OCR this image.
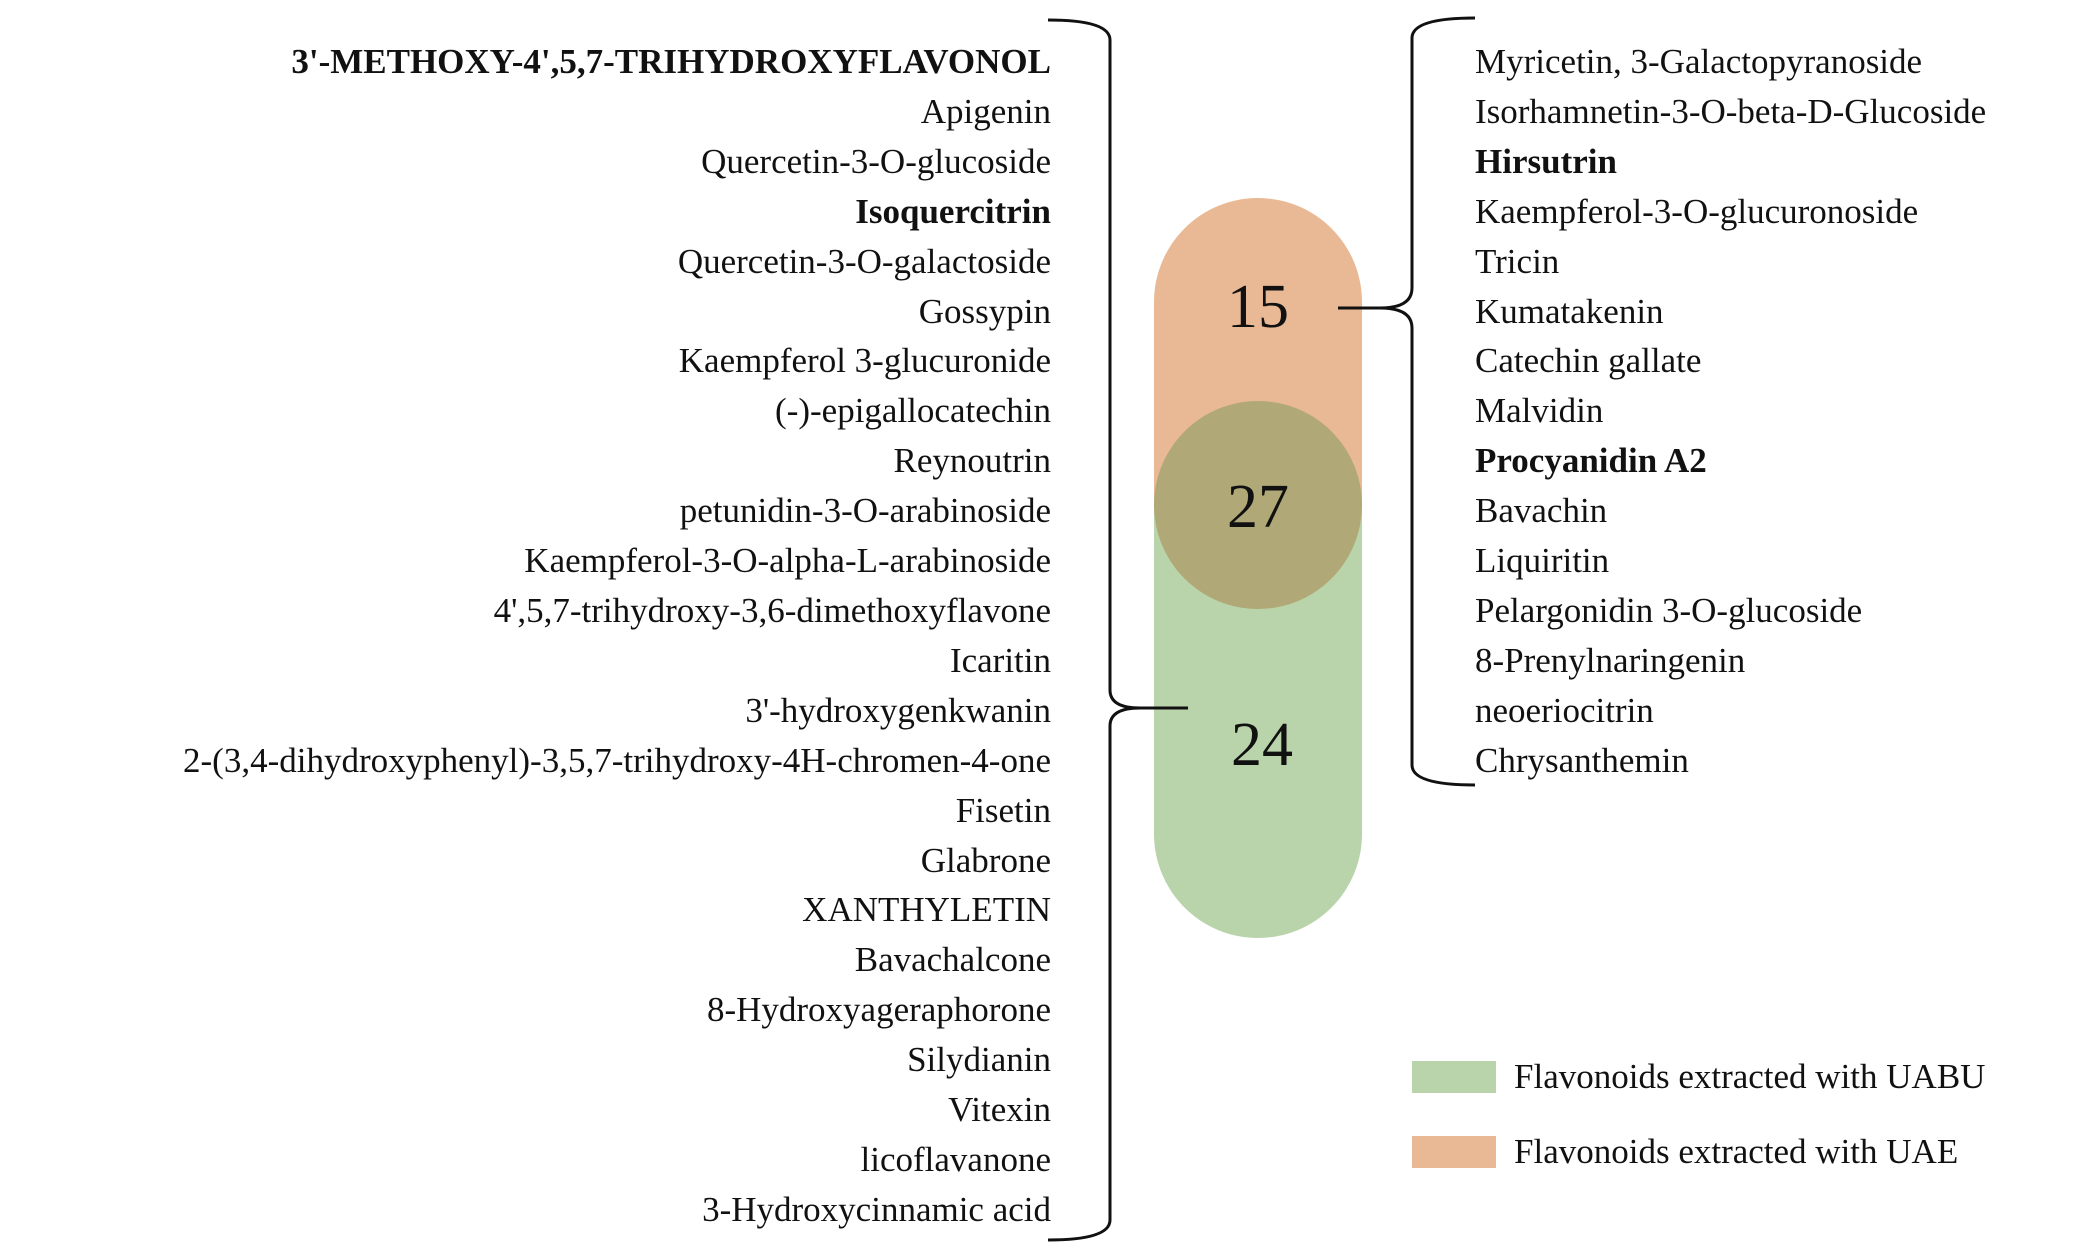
15
27
24
Flavonoids extracted with UABU
Flavonoids extracted with UAE
3'-METHOXY-4',5,7-TRIHYDROXYFLAVONOL
Apigenin
Quercetin-3-O-glucoside
Isoquercitrin
Quercetin-3-O-galactoside
Gossypin
Kaempferol 3-glucuronide
(-)-epigallocatechin
Reynoutrin
petunidin-3-O-arabinoside
Kaempferol-3-O-alpha-L-arabinoside
4',5,7-trihydroxy-3,6-dimethoxyflavone
Icaritin
3'-hydroxygenkwanin
2-(3,4-dihydroxyphenyl)-3,5,7-trihydroxy-4H-chromen-4-one
Fisetin
Glabrone
XANTHYLETIN
Bavachalcone
8-Hydroxyageraphorone
Silydianin
Vitexin
licoflavanone
3-Hydroxycinnamic acid
Myricetin, 3-Galactopyranoside
Isorhamnetin-3-O-beta-D-Glucoside
Hirsutrin
Kaempferol-3-O-glucuronoside
Tricin
Kumatakenin
Catechin gallate
Malvidin
Procyanidin A2
Bavachin
Liquiritin
Pelargonidin 3-O-glucoside
8-Prenylnaringenin
neoeriocitrin
Chrysanthemin
